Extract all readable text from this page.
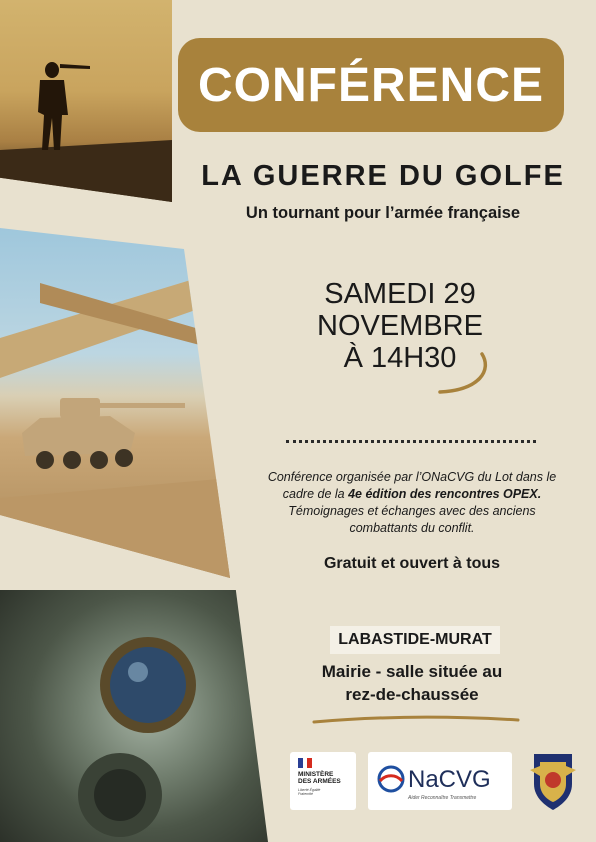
CONFÉRENCE
LA GUERRE DU GOLFE
Un tournant pour l’armée française
SAMEDI 29
NOVEMBRE
À 14H30
Conférence organisée par l’ONaCVG du Lot dans le cadre de la 4e édition des rencontres OPEX. Témoignages et échanges avec des anciens combattants du conflit.
Gratuit et ouvert à tous
LABASTIDE-MURAT
Mairie - salle située au
rez-de-chaussée
MINISTÈRE
DES ARMÉES
Liberté Égalité Fraternité
NaCVG
Aider Reconnaître Transmettre
